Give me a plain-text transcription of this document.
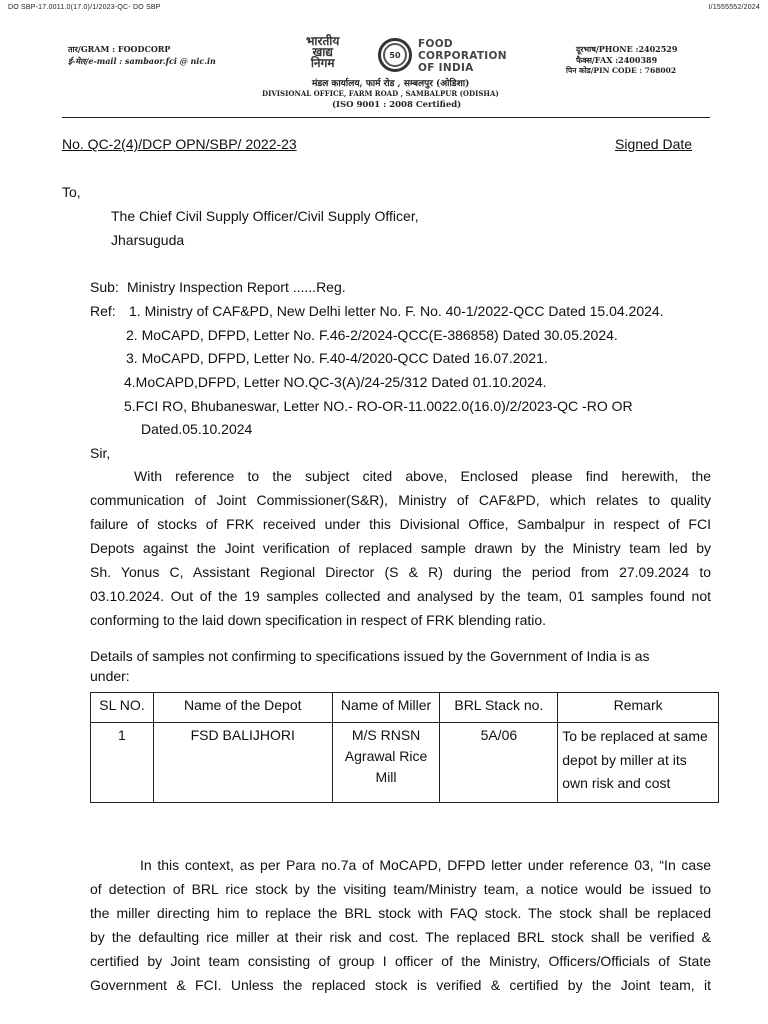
DO SBP-17.0011.0(17.0)/1/2023-QC- DO SBP	I/1555552/2024
तार/GRAM : FOODCORP
ई-मेल/e-mail : sambaor.fci @ nic.in
भारतीय
खाद्य
निगम
50
FOOD
CORPORATION
OF INDIA
दूरभाष/PHONE :2402529
फैक्स/FAX :2400389
पिन कोड/PIN CODE : 768002
मंडल कार्यालय, फार्म रोड , सम्बलपुर (ओडिशा)
DIVISIONAL OFFICE, FARM ROAD , SAMBALPUR (ODISHA)
(ISO 9001 : 2008 Certified)
No. QC-2(4)/DCP OPN/SBP/ 2022-23	Signed Date
To,
The Chief Civil Supply Officer/Civil Supply Officer,
Jharsuguda
Sub: Ministry Inspection Report ......Reg.
Ref: 1. Ministry of CAF&PD, New Delhi letter No. F. No. 40-1/2022-QCC Dated 15.04.2024.
2. MoCAPD, DFPD, Letter No. F.46-2/2024-QCC(E-386858) Dated 30.05.2024.
3. MoCAPD, DFPD, Letter No. F.40-4/2020-QCC Dated 16.07.2021.
4.MoCAPD,DFPD, Letter NO.QC-3(A)/24-25/312 Dated 01.10.2024.
5.FCI RO, Bhubaneswar, Letter NO.- RO-OR-11.0022.0(16.0)/2/2023-QC -RO OR
Dated.05.10.2024
Sir,
With reference to the subject cited above, Enclosed please find herewith, the
communication of Joint Commissioner(S&R), Ministry of CAF&PD, which relates to quality
failure of stocks of FRK received under this Divisional Office, Sambalpur in respect of FCI
Depots against the Joint verification of replaced sample drawn by the Ministry team led by
Sh. Yonus C, Assistant Regional Director (S & R) during the period from 27.09.2024 to
03.10.2024. Out of the 19 samples collected and analysed by the team, 01 samples found not
conforming to the laid down specification in respect of FRK blending ratio.
Details of samples not confirming to specifications issued by the Government of India is as
under:
SL NO.	Name of the Depot	Name of Miller	BRL Stack no.	Remark
1	FSD BALIJHORI	M/S RNSN Agrawal Rice Mill	5A/06	To be replaced at same depot by miller at its own risk and cost
In this context, as per Para no.7a of MoCAPD, DFPD letter under reference 03, “In case
of detection of BRL rice stock by the visiting team/Ministry team, a notice would be issued to
the miller directing him to replace the BRL stock with FAQ stock. The stock shall be replaced
by the defaulting rice miller at their risk and cost. The replaced BRL stock shall be verified &
certified by Joint team consisting of group I officer of the Ministry, Officers/Officials of State
Government & FCI. Unless the replaced stock is verified & certified by the Joint team, it
